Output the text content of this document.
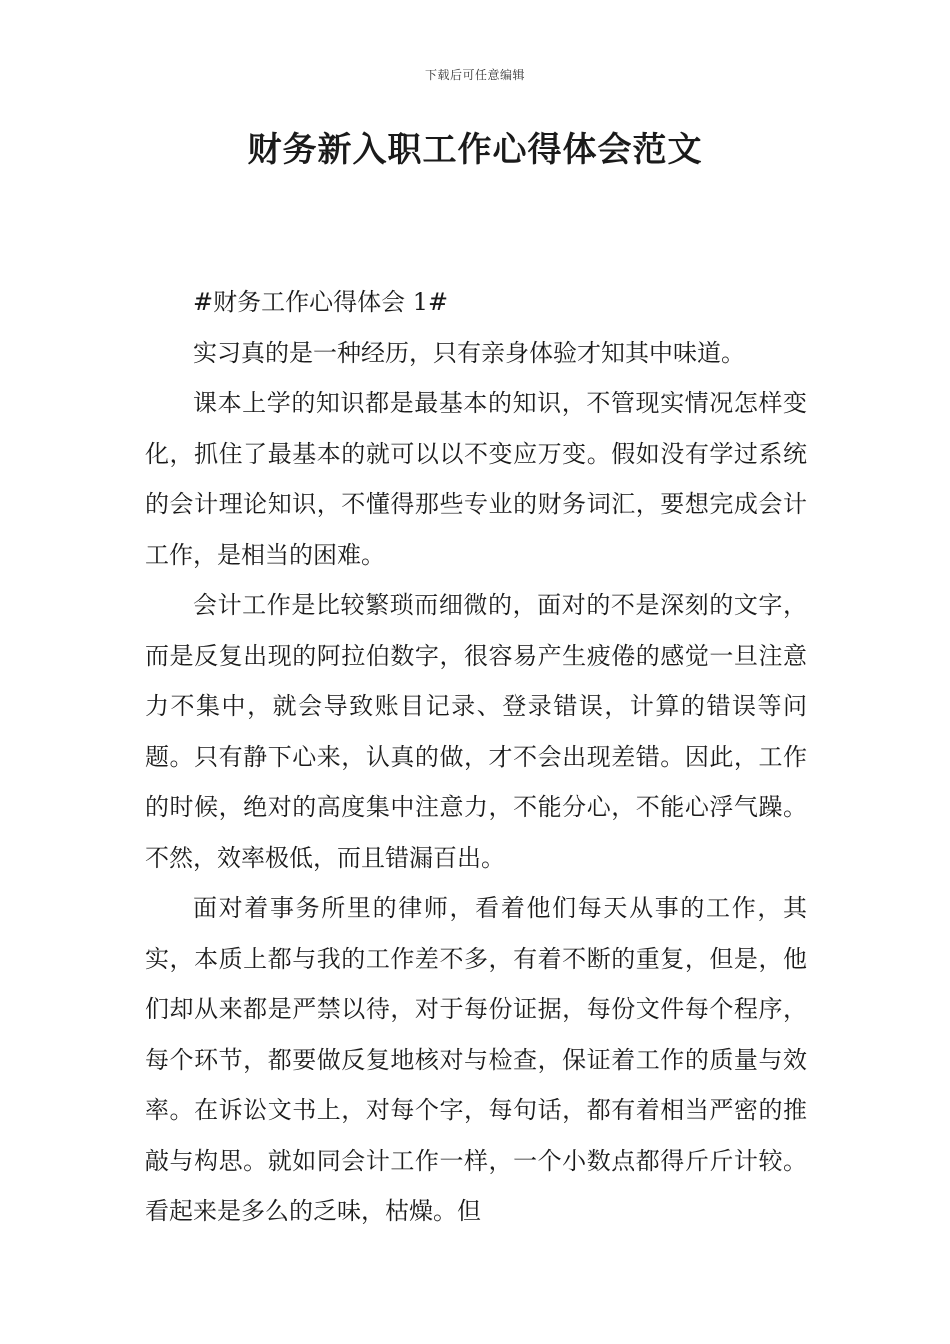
下载后可任意编辑
财务新入职工作心得体会范文

#财务工作心得体会 1#

实习真的是一种经历，只有亲身体验才知其中味道。

课本上学的知识都是最基本的知识，不管现实情况怎样变化，抓住了最基本的就可以以不变应万变。假如没有学过系统的会计理论知识，不懂得那些专业的财务词汇，要想完成会计工作，是相当的困难。

会计工作是比较繁琐而细微的，面对的不是深刻的文字，而是反复出现的阿拉伯数字，很容易产生疲倦的感觉一旦注意力不集中，就会导致账目记录、登录错误，计算的错误等问题。只有静下心来，认真的做，才不会出现差错。因此，工作的时候，绝对的高度集中注意力，不能分心，不能心浮气躁。不然，效率极低，而且错漏百出。

面对着事务所里的律师，看着他们每天从事的工作，其实，本质上都与我的工作差不多，有着不断的重复，但是，他们却从来都是严禁以待，对于每份证据，每份文件每个程序，每个环节，都要做反复地核对与检查，保证着工作的质量与效率。在诉讼文书上，对每个字，每句话，都有着相当严密的推敲与构思。就如同会计工作一样，一个小数点都得斤斤计较。看起来是多么的乏味，枯燥。但
